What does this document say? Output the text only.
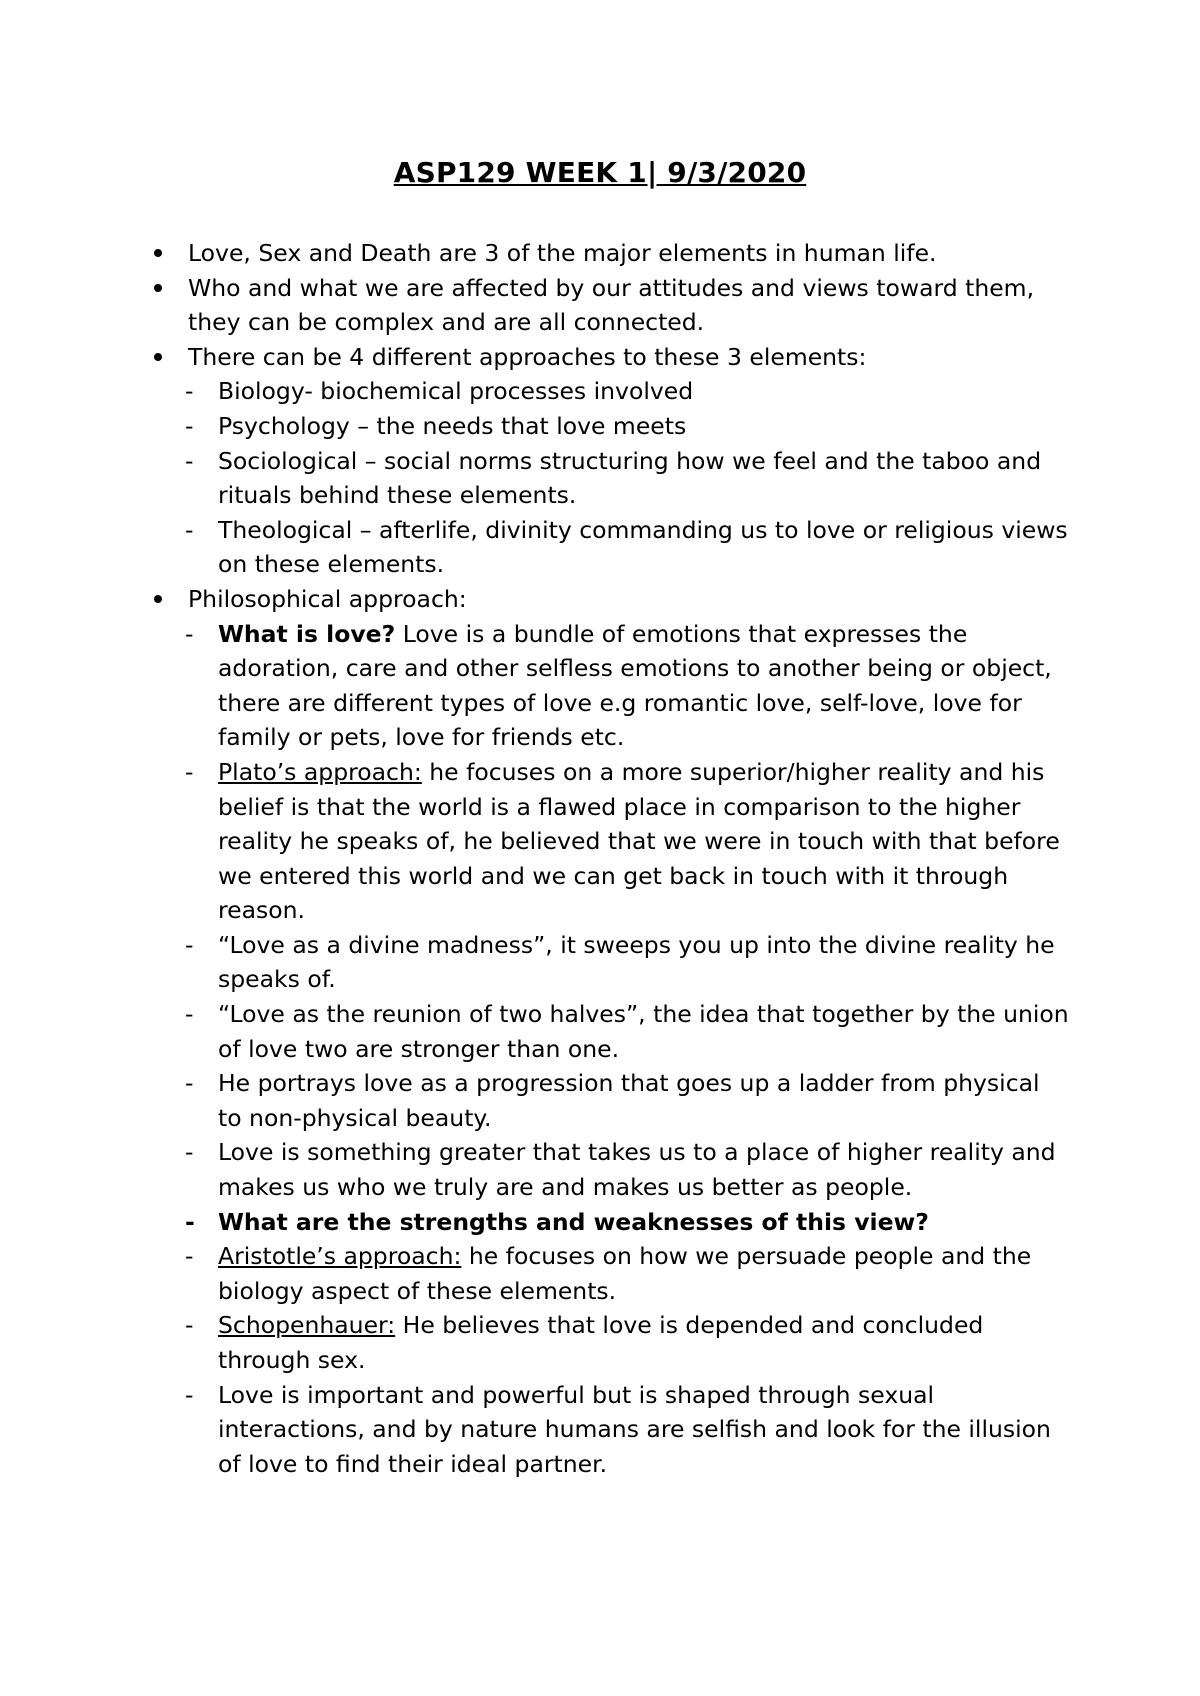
ASP129 WEEK 1| 9/3/2020
Love, Sex and Death are 3 of the major elements in human life.
Who and what we are affected by our attitudes and views toward them, they can be complex and are all connected.
There can be 4 different approaches to these 3 elements:
- Biology- biochemical processes involved
- Psychology – the needs that love meets
- Sociological – social norms structuring how we feel and the taboo and rituals behind these elements.
- Theological – afterlife, divinity commanding us to love or religious views on these elements.
Philosophical approach:
- What is love? Love is a bundle of emotions that expresses the adoration, care and other selfless emotions to another being or object, there are different types of love e.g romantic love, self-love, love for family or pets, love for friends etc.
- Plato’s approach: he focuses on a more superior/higher reality and his belief is that the world is a flawed place in comparison to the higher reality he speaks of, he believed that we were in touch with that before we entered this world and we can get back in touch with it through reason.
- “Love as a divine madness”, it sweeps you up into the divine reality he speaks of.
- “Love as the reunion of two halves”, the idea that together by the union of love two are stronger than one.
- He portrays love as a progression that goes up a ladder from physical to non-physical beauty.
- Love is something greater that takes us to a place of higher reality and makes us who we truly are and makes us better as people.
- What are the strengths and weaknesses of this view?
- Aristotle’s approach: he focuses on how we persuade people and the biology aspect of these elements.
- Schopenhauer: He believes that love is depended and concluded through sex.
- Love is important and powerful but is shaped through sexual interactions, and by nature humans are selfish and look for the illusion of love to find their ideal partner.
